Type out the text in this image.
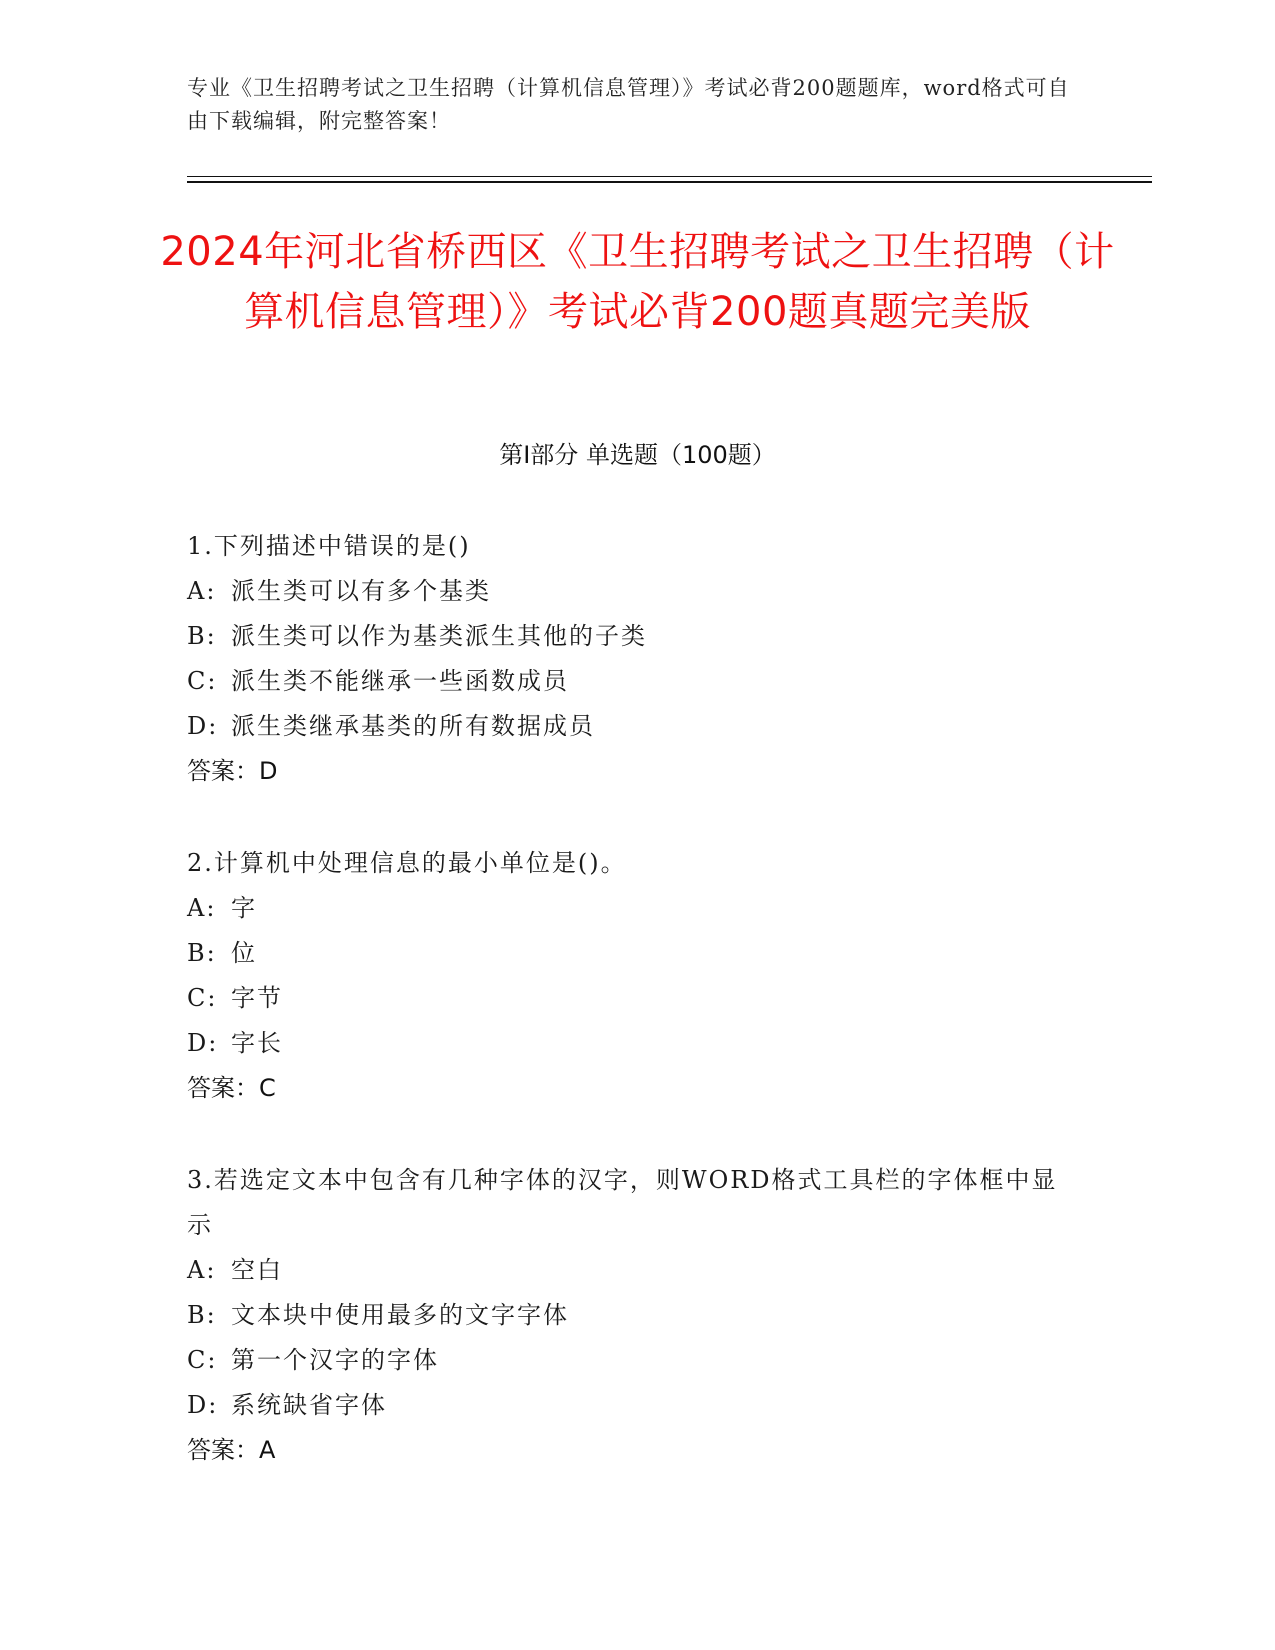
专业《卫生招聘考试之卫生招聘（计算机信息管理）》考试必背200题题库，word格式可自由下载编辑，附完整答案！
2024年河北省桥西区《卫生招聘考试之卫生招聘（计算机信息管理）》考试必背200题真题完美版
第Ⅰ部分 单选题（100题）

1.下列描述中错误的是()

A: 派生类可以有多个基类

B: 派生类可以作为基类派生其他的子类

C: 派生类不能继承一些函数成员

D: 派生类继承基类的所有数据成员

答案：D

2.计算机中处理信息的最小单位是()。

A: 字

B: 位

C: 字节

D: 字长

答案：C

3.若选定文本中包含有几种字体的汉字，则WORD格式工具栏的字体框中显示

A: 空白

B: 文本块中使用最多的文字字体

C: 第一个汉字的字体

D: 系统缺省字体

答案：A
